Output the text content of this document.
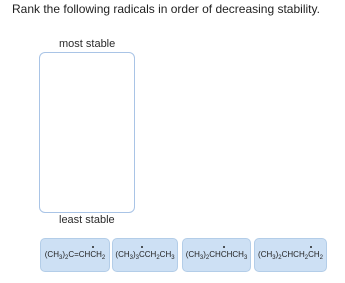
Rank the following radicals in order of decreasing stability.
most stable
least stable
$(CH_3)_2C=CHCH_2$ $(CH_3)_3CCH_2CH_3$ $(CH_3)_2CHCHCH_3$ $(CH_3)_2CHCH_2CH_2$
